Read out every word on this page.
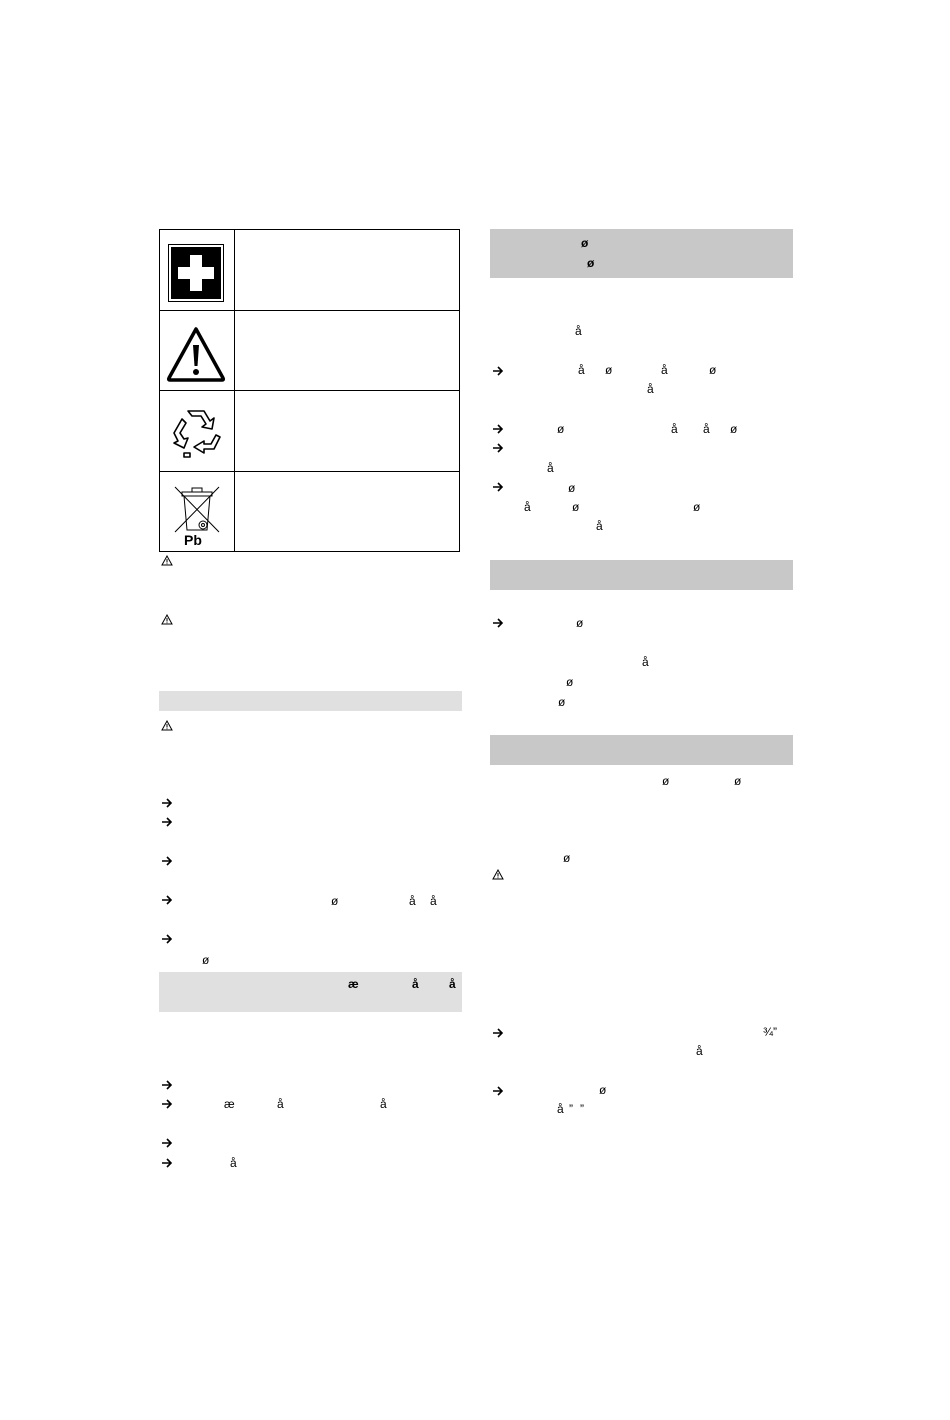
Pb
ø	å å
ø
æ	å	å
æ	å	å
å
ø
ø
å
å ø	å	ø
å
ø	å å ø
å
ø
å	ø	ø
å
ø
å
ø
ø
ø	ø
ø
¾”
å
ø
å ” ”
